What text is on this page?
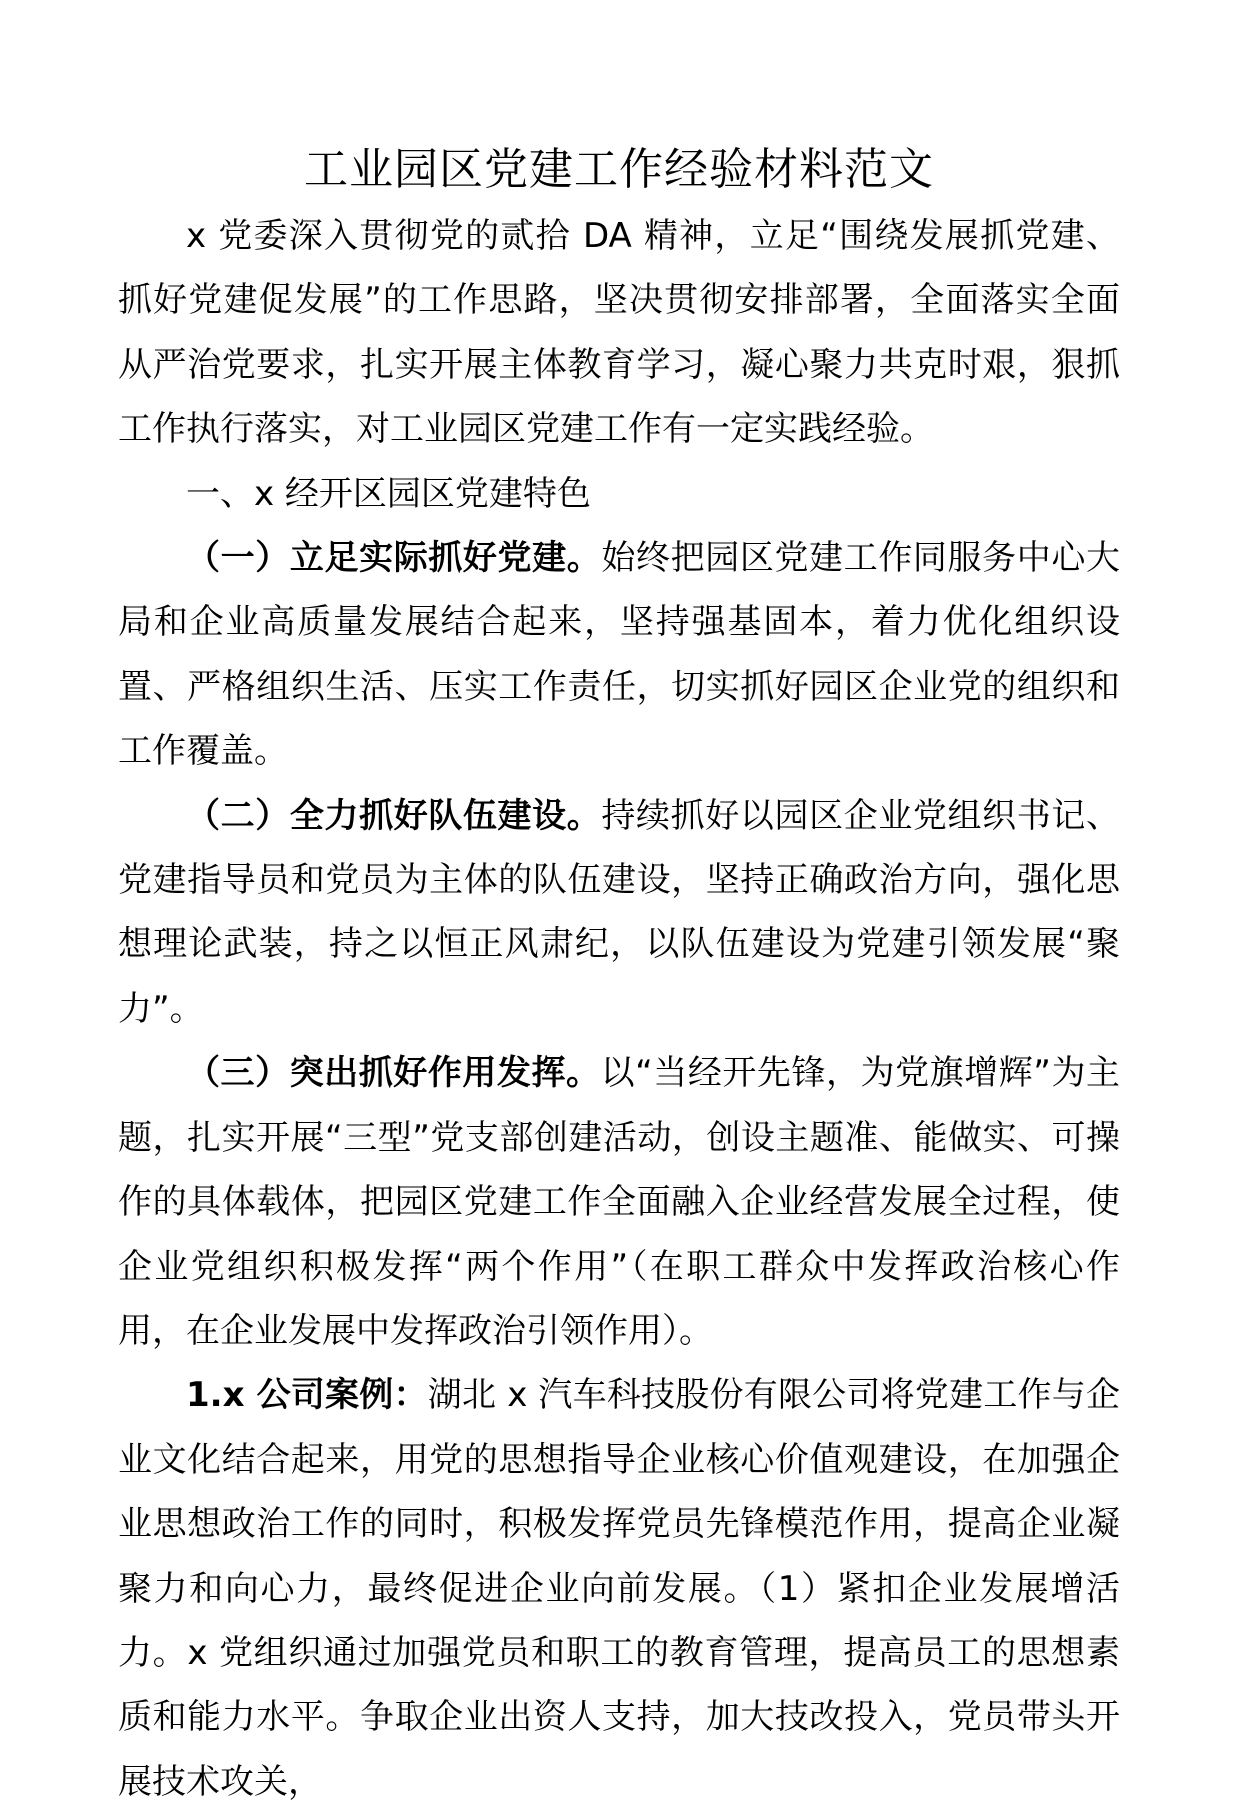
工业园区党建工作经验材料范文

x 党委深入贯彻党的贰拾 DA 精神，立足“围绕发展抓党建、抓好党建促发展”的工作思路，坚决贯彻安排部署，全面落实全面从严治党要求，扎实开展主体教育学习，凝心聚力共克时艰，狠抓工作执行落实，对工业园区党建工作有一定实践经验。

一、x 经开区园区党建特色

（一）立足实际抓好党建。始终把园区党建工作同服务中心大局和企业高质量发展结合起来，坚持强基固本，着力优化组织设置、严格组织生活、压实工作责任，切实抓好园区企业党的组织和工作覆盖。

（二）全力抓好队伍建设。持续抓好以园区企业党组织书记、党建指导员和党员为主体的队伍建设，坚持正确政治方向，强化思想理论武装，持之以恒正风肃纪，以队伍建设为党建引领发展“聚力”。

（三）突出抓好作用发挥。以“当经开先锋，为党旗增辉”为主题，扎实开展“三型”党支部创建活动，创设主题准、能做实、可操作的具体载体，把园区党建工作全面融入企业经营发展全过程，使企业党组织积极发挥“两个作用”（在职工群众中发挥政治核心作用，在企业发展中发挥政治引领作用）。

1.x 公司案例：湖北 x 汽车科技股份有限公司将党建工作与企业文化结合起来，用党的思想指导企业核心价值观建设，在加强企业思想政治工作的同时，积极发挥党员先锋模范作用，提高企业凝聚力和向心力，最终促进企业向前发展。（1）紧扣企业发展增活力。x 党组织通过加强党员和职工的教育管理，提高员工的思想素质和能力水平。争取企业出资人支持，加大技改投入，党员带头开展技术攻关，
